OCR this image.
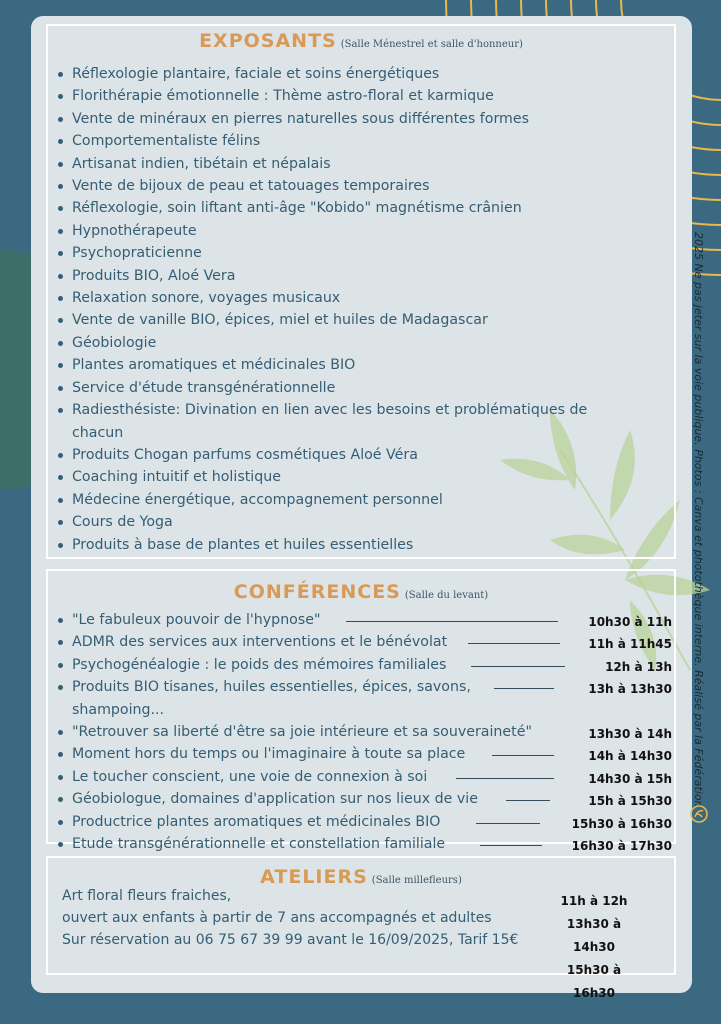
EXPOSANTS (Salle Ménestrel et salle d'honneur)
Réflexologie plantaire, faciale et soins énergétiques
Florithérapie émotionnelle : Thème astro-floral et karmique
Vente de minéraux en pierres naturelles sous différentes formes
Comportementaliste félins
Artisanat indien, tibétain et népalais
Vente de bijoux de peau et tatouages temporaires
Réflexologie, soin liftant anti-âge "Kobido" magnétisme crânien
Hypnothérapeute
Psychopraticienne
Produits BIO, Aloé Vera
Relaxation sonore, voyages musicaux
Vente de vanille BIO, épices, miel et huiles de Madagascar
Géobiologie
Plantes aromatiques et médicinales BIO
Service d'étude transgénérationnelle
Radiesthésiste: Divination en lien avec les besoins et problématiques de chacun
Produits Chogan parfums cosmétiques Aloé Véra
Coaching intuitif et holistique
Médecine énergétique, accompagnement personnel
Cours de Yoga
Produits à base de plantes et huiles essentielles
CONFÉRENCES (Salle du levant)
"Le fabuleux pouvoir de l'hypnose"	10h30 à 11h
ADMR des services aux interventions et le bénévolat	11h à 11h45
Psychogénéalogie : le poids des mémoires familiales	12h à 13h
Produits BIO tisanes, huiles essentielles, épices, savons,
shampoing...
13h à 13h30
"Retrouver sa liberté d'être sa joie intérieure et sa souveraineté"	13h30 à 14h
Moment hors du temps ou l'imaginaire à toute sa place	14h à 14h30
Le toucher conscient, une voie de connexion à soi	14h30 à 15h
Géobiologue, domaines d'application sur nos lieux de vie	15h à 15h30
Productrice plantes aromatiques et médicinales BIO	15h30 à 16h30
Etude transgénérationnelle et constellation familiale	16h30 à 17h30
ATELIERS (Salle millefleurs)
Art floral fleurs fraiches,
ouvert aux enfants à partir de 7 ans accompagnés et adultes
Sur réservation au 06 75 67 39 99 avant le 16/09/2025, Tarif 15€
11h à 12h
13h30 à 14h30
15h30 à 16h30
2025 Ne pas jeter sur la voie publique. Photos : Canva et photothèque interne. Réalisé par la Fédération
